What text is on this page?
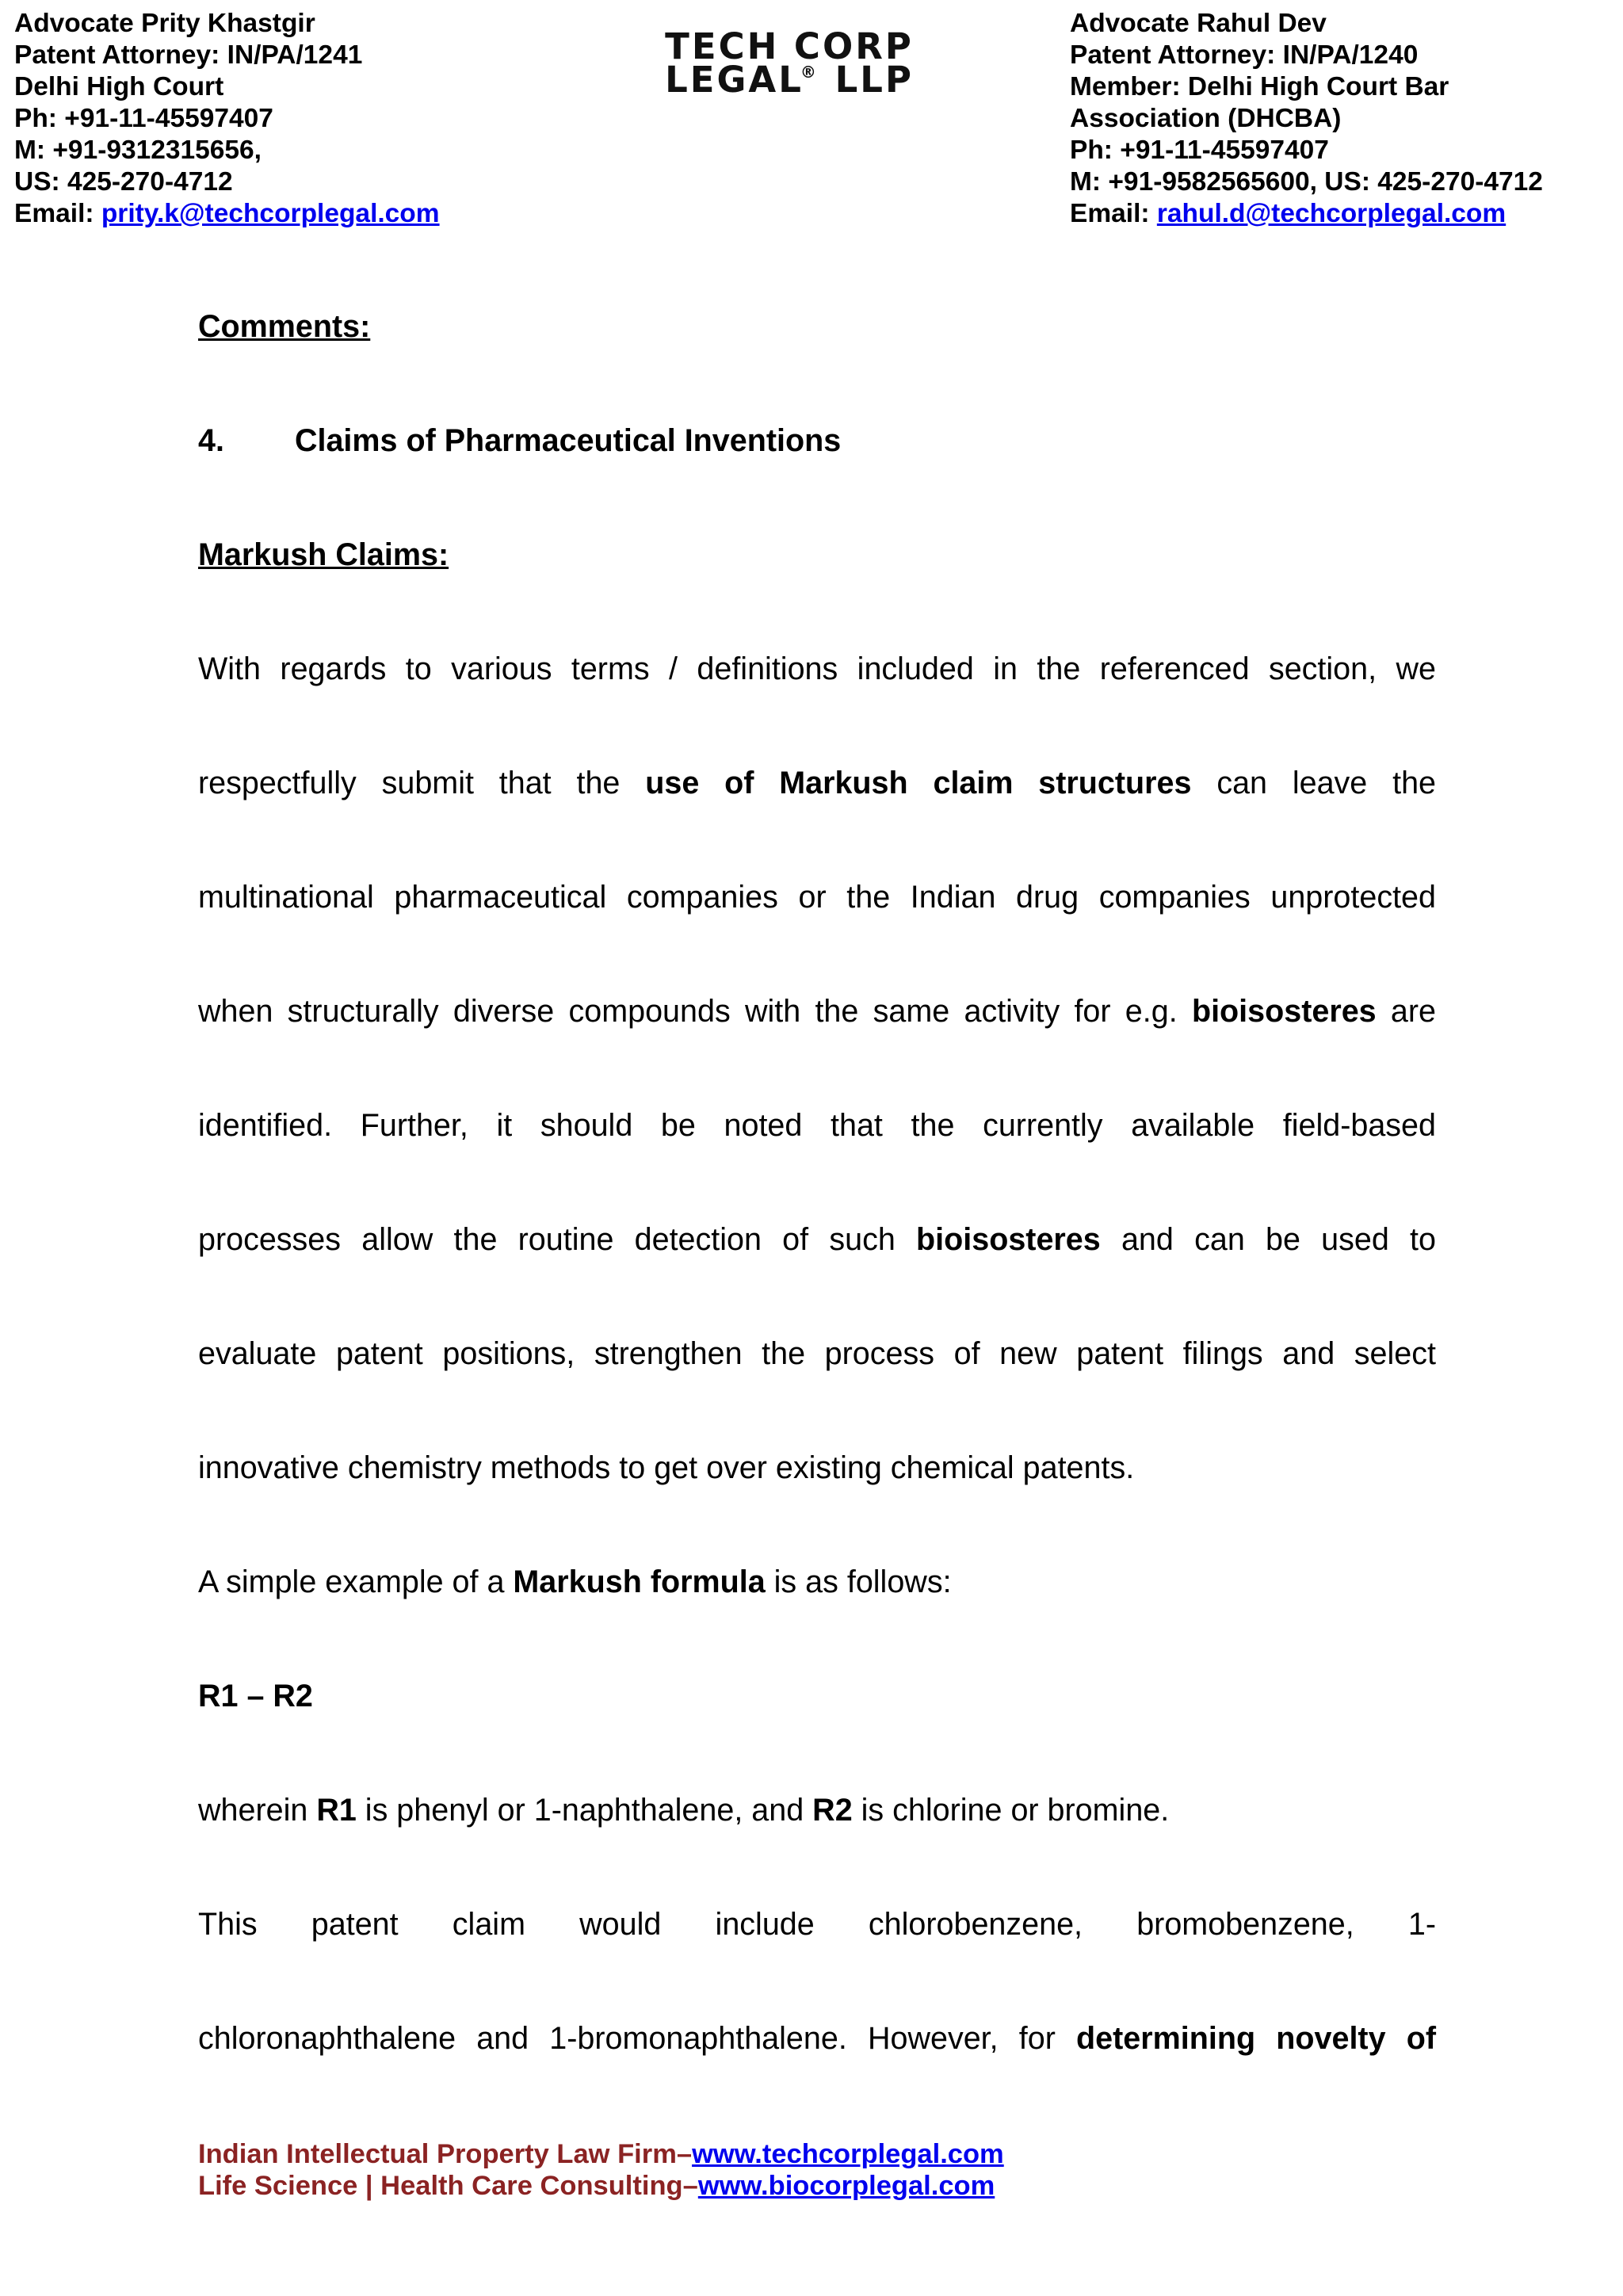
Advocate Prity Khastgir
Patent Attorney: IN/PA/1241
Delhi High Court
Ph: +91-11-45597407
M: +91-9312315656,
US: 425-270-4712
Email: prity.k@techcorplegal.com
TECH CORP
LEGAL® LLP
Advocate Rahul Dev
Patent Attorney: IN/PA/1240
Member: Delhi High Court Bar
Association (DHCBA)
Ph: +91-11-45597407
M: +91-9582565600, US: 425-270-4712
Email: rahul.d@techcorplegal.com
Comments:
4. Claims of Pharmaceutical Inventions
Markush Claims:
With regards to various terms / definitions included in the referenced section, we
respectfully submit that the use of Markush claim structures can leave the
multinational pharmaceutical companies or the Indian drug companies unprotected
when structurally diverse compounds with the same activity for e.g. bioisosteres are
identified. Further, it should be noted that the currently available field-based
processes allow the routine detection of such bioisosteres and can be used to
evaluate patent positions, strengthen the process of new patent filings and select
innovative chemistry methods to get over existing chemical patents.
A simple example of a Markush formula is as follows:
R1 – R2
wherein R1 is phenyl or 1-naphthalene, and R2 is chlorine or bromine.
This patent claim would include chlorobenzene, bromobenzene, 1-
chloronaphthalene and 1-bromonaphthalene. However, for determining novelty of
Indian Intellectual Property Law Firm–www.techcorplegal.com
Life Science | Health Care Consulting–www.biocorplegal.com
